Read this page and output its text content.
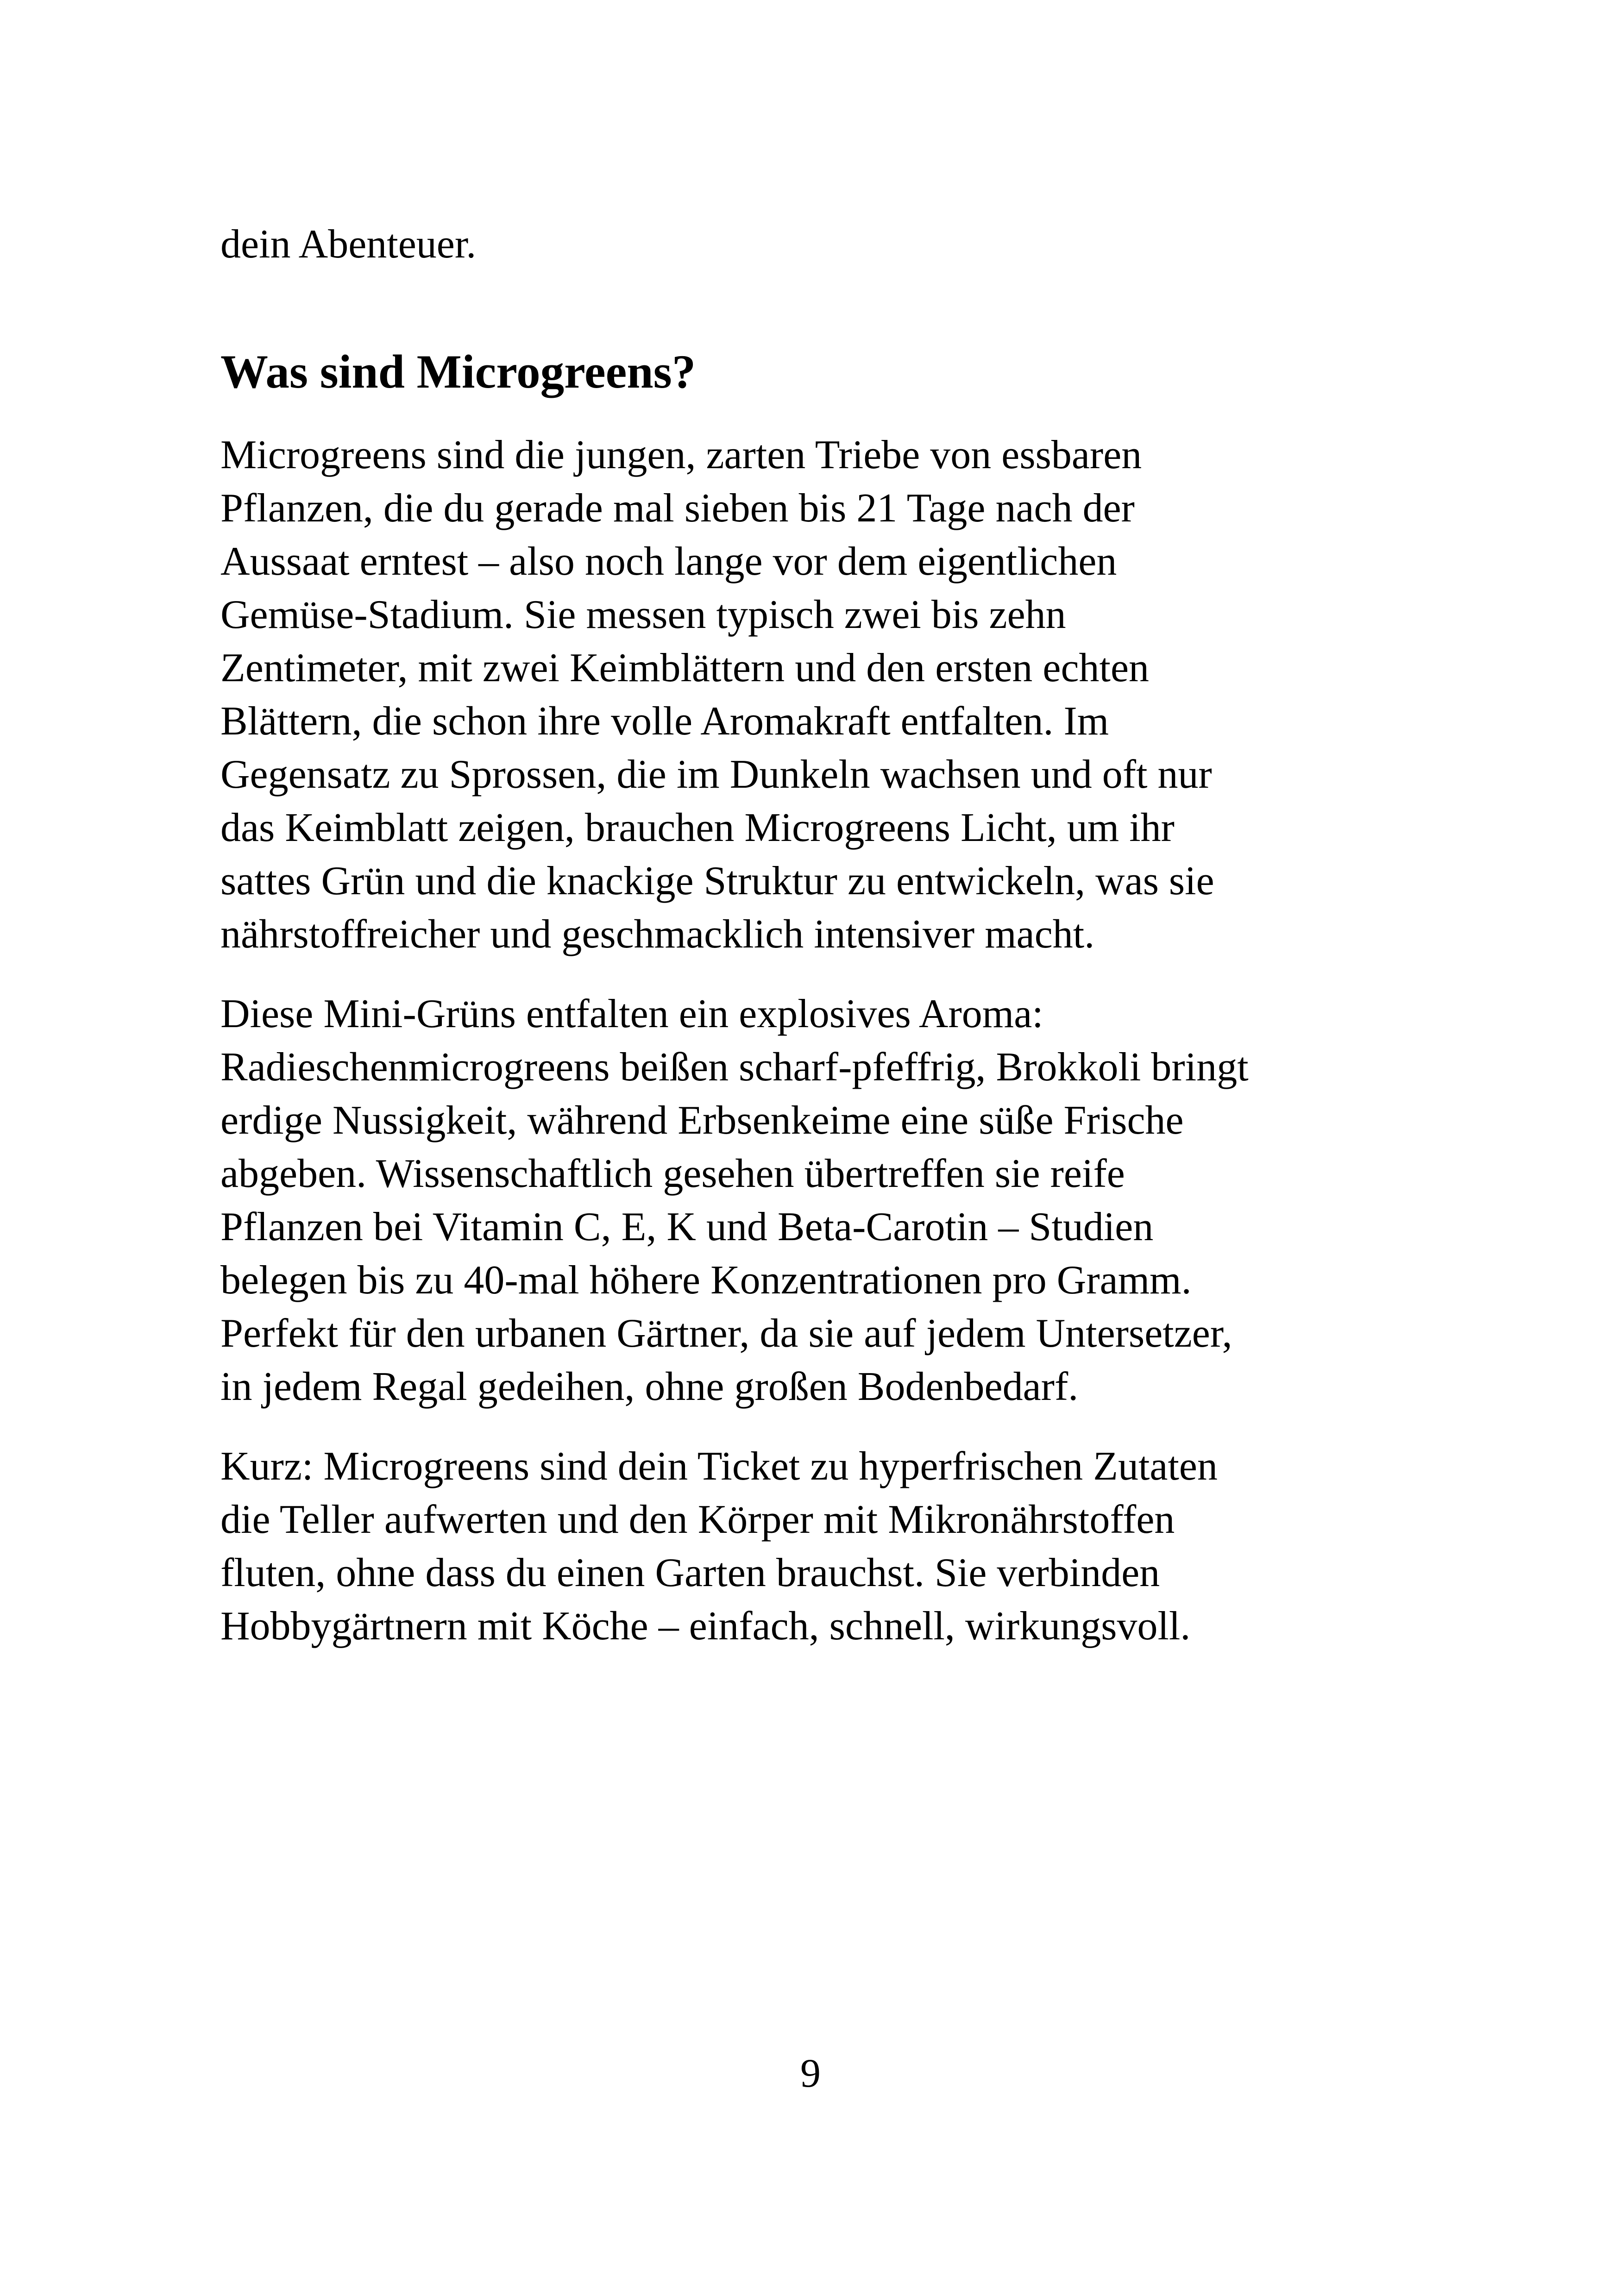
dein Abenteuer.

Was sind Microgreens?

Microgreens sind die jungen, zarten Triebe von essbaren
Pflanzen, die du gerade mal sieben bis 21 Tage nach der
Aussaat erntest – also noch lange vor dem eigentlichen
Gemüse-Stadium. Sie messen typisch zwei bis zehn
Zentimeter, mit zwei Keimblättern und den ersten echten
Blättern, die schon ihre volle Aromakraft entfalten. Im
Gegensatz zu Sprossen, die im Dunkeln wachsen und oft nur
das Keimblatt zeigen, brauchen Microgreens Licht, um ihr
sattes Grün und die knackige Struktur zu entwickeln, was sie
nährstoffreicher und geschmacklich intensiver macht.

Diese Mini-Grüns entfalten ein explosives Aroma:
Radieschenmicrogreens beißen scharf-pfeffrig, Brokkoli bringt
erdige Nussigkeit, während Erbsenkeime eine süße Frische
abgeben. Wissenschaftlich gesehen übertreffen sie reife
Pflanzen bei Vitamin C, E, K und Beta-Carotin – Studien
belegen bis zu 40-mal höhere Konzentrationen pro Gramm.
Perfekt für den urbanen Gärtner, da sie auf jedem Untersetzer,
in jedem Regal gedeihen, ohne großen Bodenbedarf.

Kurz: Microgreens sind dein Ticket zu hyperfrischen Zutaten
die Teller aufwerten und den Körper mit Mikronährstoffen
fluten, ohne dass du einen Garten brauchst. Sie verbinden
Hobbygärtnern mit Köche – einfach, schnell, wirkungsvoll.

9
